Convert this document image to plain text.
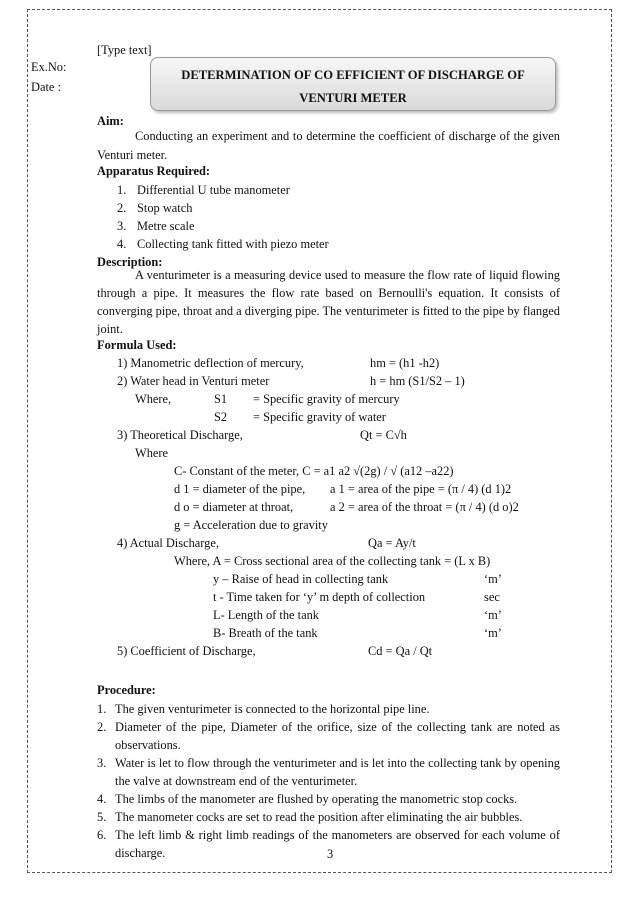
[Type text]
Ex.No:
Date :
DETERMINATION OF CO EFFICIENT OF DISCHARGE OF
VENTURI METER
Aim:
Conducting an experiment and to determine the coefficient of discharge of the given Venturi meter.
Apparatus Required:
1. Differential U tube manometer
2. Stop watch
3. Metre scale
4. Collecting tank fitted with piezo meter
Description:
A venturimeter is a measuring device used to measure the flow rate of liquid flowing through a pipe. It measures the flow rate based on Bernoulli's equation. It consists of converging pipe, throat and a diverging pipe. The venturimeter is fitted to the pipe by flanged joint.
Formula Used:
1) Manometric deflection of mercury,	hm = (h1 -h2)
2) Water head in Venturi meter	h = hm (S1/S2 – 1)
Where,	S1 = Specific gravity of mercury
S2 = Specific gravity of water
3) Theoretical Discharge,	Qt = C√h
Where
C- Constant of the meter, C = a1 a2 √(2g) / √ (a12 –a22)
d 1 = diameter of the pipe, a 1 = area of the pipe = (π / 4) (d 1)2
d o = diameter at throat,	a 2 = area of the throat = (π / 4) (d o)2
g = Acceleration due to gravity
4) Actual Discharge,	Qa = Ay/t
Where, A = Cross sectional area of the collecting tank = (L x B)
y – Raise of head in collecting tank	‘m’
t - Time taken for ‘y’ m depth of collection	sec
L- Length of the tank	‘m’
B- Breath of the tank	‘m’
5) Coefficient of Discharge,	Cd = Qa / Qt
Procedure:
1. The given venturimeter is connected to the horizontal pipe line.
2. Diameter of the pipe, Diameter of the orifice, size of the collecting tank are noted as observations.
3. Water is let to flow through the venturimeter and is let into the collecting tank by opening the valve at downstream end of the venturimeter.
4. The limbs of the manometer are flushed by operating the manometric stop cocks.
5. The manometer cocks are set to read the position after eliminating the air bubbles.
6. The left limb & right limb readings of the manometers are observed for each volume of discharge.	3
